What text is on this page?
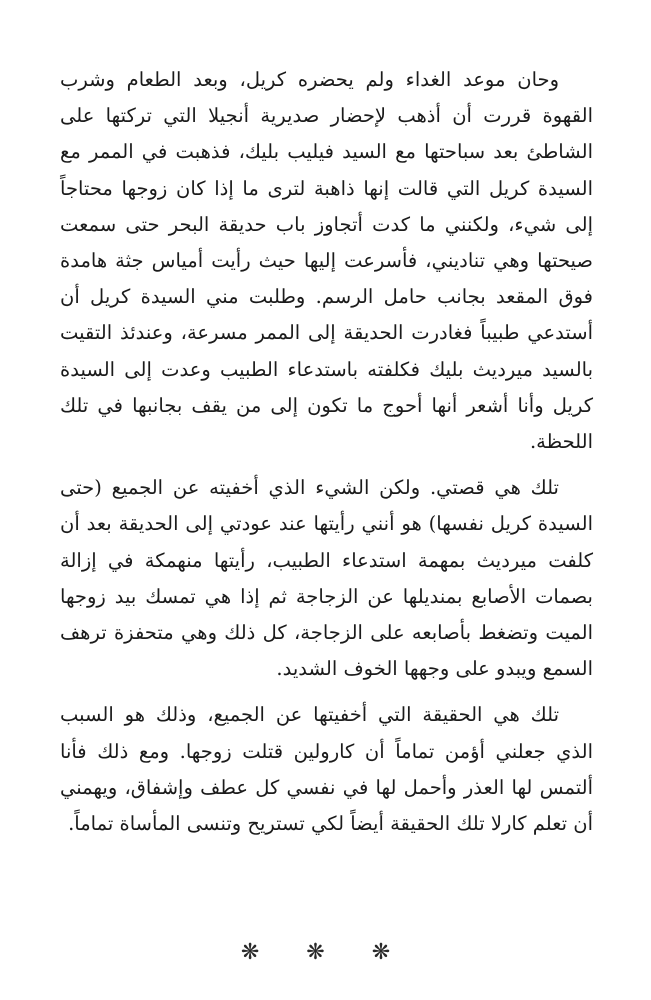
وحان موعد الغداء ولم يحضره كريل، وبعد الطعام وشرب القهوة قررت أن أذهب لإحضار صديرية أنجيلا التي تركتها على الشاطئ بعد سباحتها مع السيد فيليب بليك، فذهبت في الممر مع السيدة كريل التي قالت إنها ذاهبة لترى ما إذا كان زوجها محتاجاً إلى شيء، ولكنني ما كدت أتجاوز باب حديقة البحر حتى سمعت صيحتها وهي تناديني، فأسرعت إليها حيث رأيت أمياس جثة هامدة فوق المقعد بجانب حامل الرسم. وطلبت مني السيدة كريل أن أستدعي طبيباً فغادرت الحديقة إلى الممر مسرعة، وعندئذ التقيت بالسيد ميرديث بليك فكلفته باستدعاء الطبيب وعدت إلى السيدة كريل وأنا أشعر أنها أحوج ما تكون إلى من يقف بجانبها في تلك اللحظة.

تلك هي قصتي. ولكن الشيء الذي أخفيته عن الجميع (حتى السيدة كريل نفسها) هو أنني رأيتها عند عودتي إلى الحديقة بعد أن كلفت ميرديث بمهمة استدعاء الطبيب، رأيتها منهمكة في إزالة بصمات الأصابع بمنديلها عن الزجاجة ثم إذا هي تمسك بيد زوجها الميت وتضغط بأصابعه على الزجاجة، كل ذلك وهي متحفزة ترهف السمع ويبدو على وجهها الخوف الشديد.

تلك هي الحقيقة التي أخفيتها عن الجميع، وذلك هو السبب الذي جعلني أؤمن تماماً أن كارولين قتلت زوجها. ومع ذلك فأنا ألتمس لها العذر وأحمل لها في نفسي كل عطف وإشفاق، ويهمني أن تعلم كارلا تلك الحقيقة أيضاً لكي تستريح وتنسى المأساة تماماً.

❋ ❋ ❋
